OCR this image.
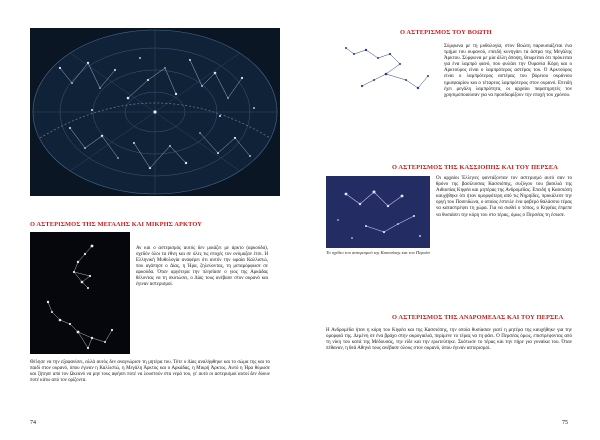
Ο ΑΣΤΕΡΙΣΜΟΣ ΤΗΣ ΜΕΓΑΛΗΣ ΚΑΙ ΜΙΚΡΗΣ ΑΡΚΤΟΥ

Αν και ο αστερισμός αυτός δεν μοιάζει με άρκτο (αρκούδα), σχεδόν όλοι τα έθνη και σε όλες τις εποχές τον ονόμαζαν έτσι. Η Ελληνική Μυθολογία αναφέρει ότι αυτόν την ωραία Καλλιστώ, που αγάπησε ο Δίας, η Ήρα, ζηλεύοντας, τη μεταμόρφωσε σε αρκούδα. Όταν αργότερα την πλησίασε ο γιος της Αρκάδας θέλοντας να τη σκοτώσει, ο Δίας τους ανέβασε στον ουρανό και έγιναν αστερισμοί.

Θέλησε να την εξαφανίσει, αλλά αυτός δεν αναγνώρισε τη μητέρα του. Τότε ο Δίας αναλήφθηκε και το σώμα της και το παιδί στον ουρανό, όπου έγιναν η Καλλιστώ, η Μεγάλη Άρκτος και ο Αρκάδας, η Μικρή Άρκτος. Αυτό η Ήρα θύμωσε και ζήτησε από τον Ωκεανό να μην τους αφήσει ποτέ να λουστούν στα νερά του, γι' αυτό οι αστερισμοί αυτοί δεν δύουν ποτέ κάτω από τον ορίζοντα.

74
Ο ΑΣΤΕΡΙΣΜΟΣ ΤΟΥ ΒΟΩΤΗ

Σύμφωνα με τη μυθολογία, στον Βοώτη παρουσιάζεται ένα τμήμα του ουρανού, επειδή κυνηγάει τα άστρα της Μεγάλης Άρκτου. Σύμφωνα με μία άλλη άποψη, θεωρείται ότι πρόκειται για ένα λαμπρό φανό, που φυλάει την Ουρανία Κόρη και ο Αρκτούρος είναι ο λαμπρότερος αστέρας του. Ο Αρκτούρος είναι ο λαμπρότερος αστέρας του βόρειου ουράνιου ημισφαιρίου και ο τέταρτος λαμπρότερος στον ουρανό. Επειδή έχει μεγάλη λαμπρότητα, οι αρχαίοι παρατηρητές τον χρησιμοποιούσαν για να προσδιορίζουν την εποχή του χρόνου.

Ο ΑΣΤΕΡΙΣΜΟΣ ΤΗΣ ΚΑΣΣΙΟΠΗΣ ΚΑΙ ΤΟΥ ΠΕΡΣΕΑ
Το σχέδιο του αστερισμού της Κασσιόπης και του Περσέα

Οι αρχαίοι Έλληνες φαντάζονταν τον αστερισμό αυτό σαν το θρόνο της βασίλισσας Κασσιόπης, συζύγου του βασιλιά της Αιθιοπίας Κηφέα και μητέρας της Ανδρομέδας. Επειδή η Κασσιόπη καυχήθηκε ότι ήταν ομορφότερη από τις Νηρηίδες, προκάλεσε την οργή του Ποσειδώνα, ο οποίος έστειλε ένα φοβερό θαλάσσιο τέρας να καταστρέψει τη χώρα. Για να σωθεί ο τόπος, ο Κηφέας έπρεπε να θυσιάσει την κόρη του στο τέρας, όμως ο Περσέας τη έσωσε.

Ο ΑΣΤΕΡΙΣΜΟΣ ΤΗΣ ΑΝΔΡΟΜΕΔΑΣ ΚΑΙ ΤΟΥ ΠΕΡΣΕΑ

Η Ανδρομέδα ήταν η κόρη του Κηφέα και της Κασσιόπης, την οποία θυσίασαν γιατί η μητέρα της καυχήθηκε για την ομορφιά της. Δεμένη σε ένα βράχο στην ακρογιαλιά, περίμενε το τέρας να τη φάει. Ο Περσέας όμως, επιστρέφοντας από τη νίκη του κατά της Μέδουσας, την είδε και την ερωτεύτηκε. Σκότωσε το τέρας και την πήρε για γυναίκα του. Όταν πέθαναν, η θεά Αθηνά τους ανέβασε όλους στον ουρανό, όπου έγιναν αστερισμοί.

75
